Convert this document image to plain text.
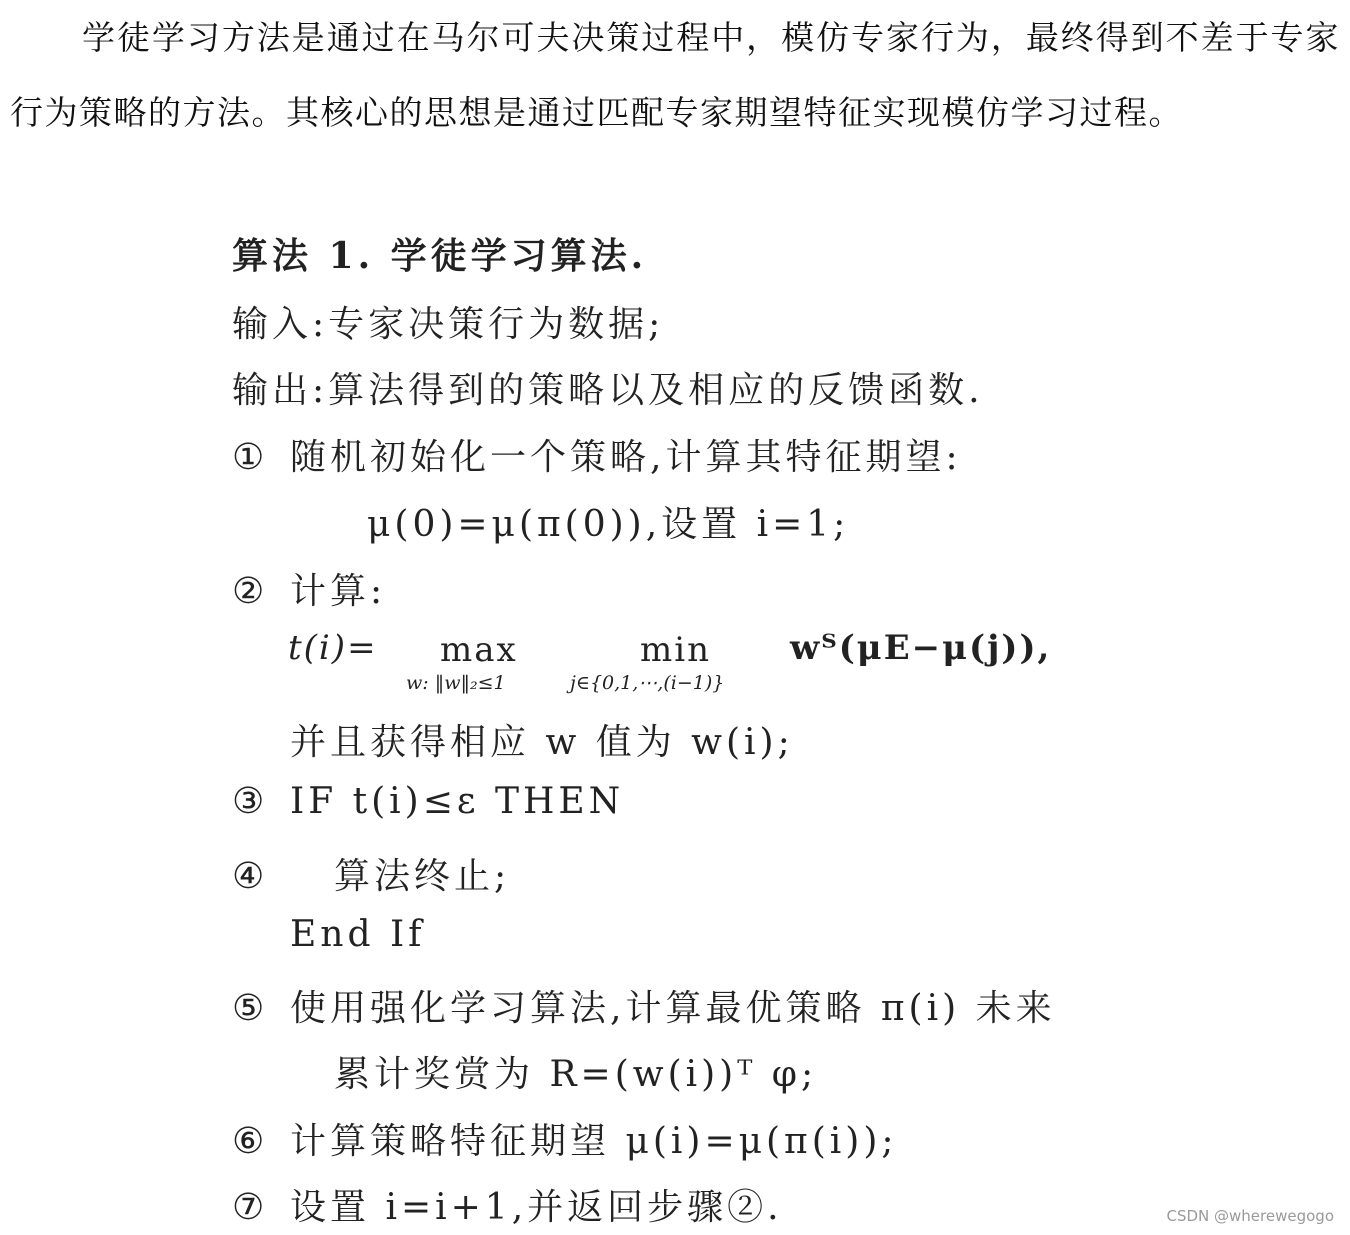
学徒学习方法是通过在马尔可夫决策过程中，模仿专家行为，最终得到不差于专家行为策略的方法。其核心的思想是通过匹配专家期望特征实现模仿学习过程。

算法 1. 学徒学习算法.
输入:专家决策行为数据;
输出:算法得到的策略以及相应的反馈函数.
① 随机初始化一个策略,计算其特征期望:
μ(0)=μ(π(0)),设置 i=1;
② 计算:
t(i)= max
w: ‖w‖₂≤1
min
j∈{0,1,⋯,(i−1)}
wᵀ(μE−μ(j)),
并且获得相应 w 值为 w(i);
③ IF t(i)≤ε THEN
④ 算法终止;
End If
⑤ 使用强化学习算法,计算最优策略 π(i) 未来
累计奖赏为 R=(w(i))ᵀ φ;
⑥ 计算策略特征期望 μ(i)=μ(π(i));
⑦ 设置 i=i+1,并返回步骤②.	CSDN @wherewegogo
